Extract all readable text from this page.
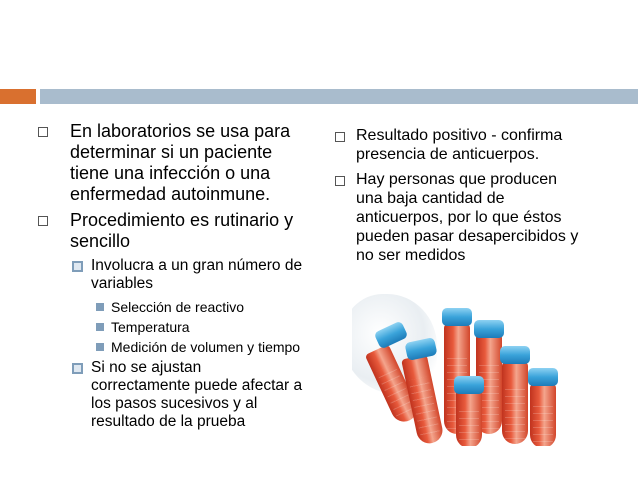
En laboratorios se usa para determinar si un paciente tiene una infección o una enfermedad autoinmune.
Procedimiento es rutinario y sencillo
Involucra a un gran número de variables
Selección de reactivo
Temperatura
Medición de volumen y tiempo
Si no se ajustan correctamente puede afectar a los pasos sucesivos y al resultado de la prueba
Resultado positivo - confirma presencia de anticuerpos.
Hay personas que producen una baja cantidad de anticuerpos, por lo que éstos pueden pasar desapercibidos y no ser medidos
